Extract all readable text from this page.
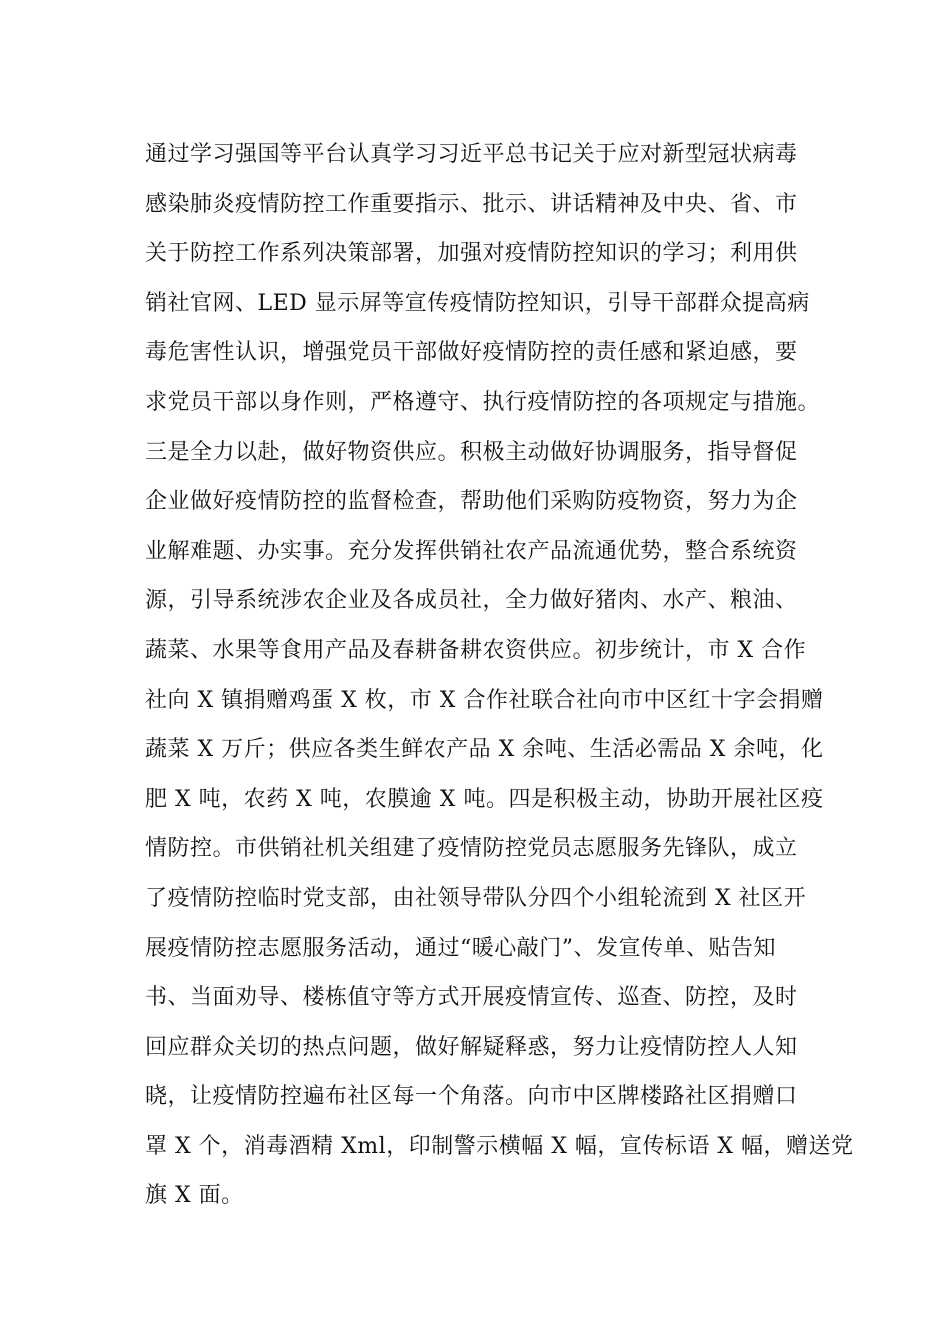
通过学习强国等平台认真学习习近平总书记关于应对新型冠状病毒
感染肺炎疫情防控工作重要指示、批示、讲话精神及中央、省、市
关于防控工作系列决策部署，加强对疫情防控知识的学习；利用供
销社官网、LED 显示屏等宣传疫情防控知识，引导干部群众提高病
毒危害性认识，增强党员干部做好疫情防控的责任感和紧迫感，要
求党员干部以身作则，严格遵守、执行疫情防控的各项规定与措施。
三是全力以赴，做好物资供应。积极主动做好协调服务，指导督促
企业做好疫情防控的监督检查，帮助他们采购防疫物资，努力为企
业解难题、办实事。充分发挥供销社农产品流通优势，整合系统资
源，引导系统涉农企业及各成员社，全力做好猪肉、水产、粮油、
蔬菜、水果等食用产品及春耕备耕农资供应。初步统计，市 X 合作
社向 X 镇捐赠鸡蛋 X 枚，市 X 合作社联合社向市中区红十字会捐赠
蔬菜 X 万斤；供应各类生鲜农产品 X 余吨、生活必需品 X 余吨，化
肥 X 吨，农药 X 吨，农膜逾 X 吨。四是积极主动，协助开展社区疫
情防控。市供销社机关组建了疫情防控党员志愿服务先锋队，成立
了疫情防控临时党支部，由社领导带队分四个小组轮流到 X 社区开
展疫情防控志愿服务活动，通过“暖心敲门”、发宣传单、贴告知
书、当面劝导、楼栋值守等方式开展疫情宣传、巡查、防控，及时
回应群众关切的热点问题，做好解疑释惑，努力让疫情防控人人知
晓，让疫情防控遍布社区每一个角落。向市中区牌楼路社区捐赠口
罩 X 个，消毒酒精 Xml，印制警示横幅 X 幅，宣传标语 X 幅，赠送党
旗 X 面。
